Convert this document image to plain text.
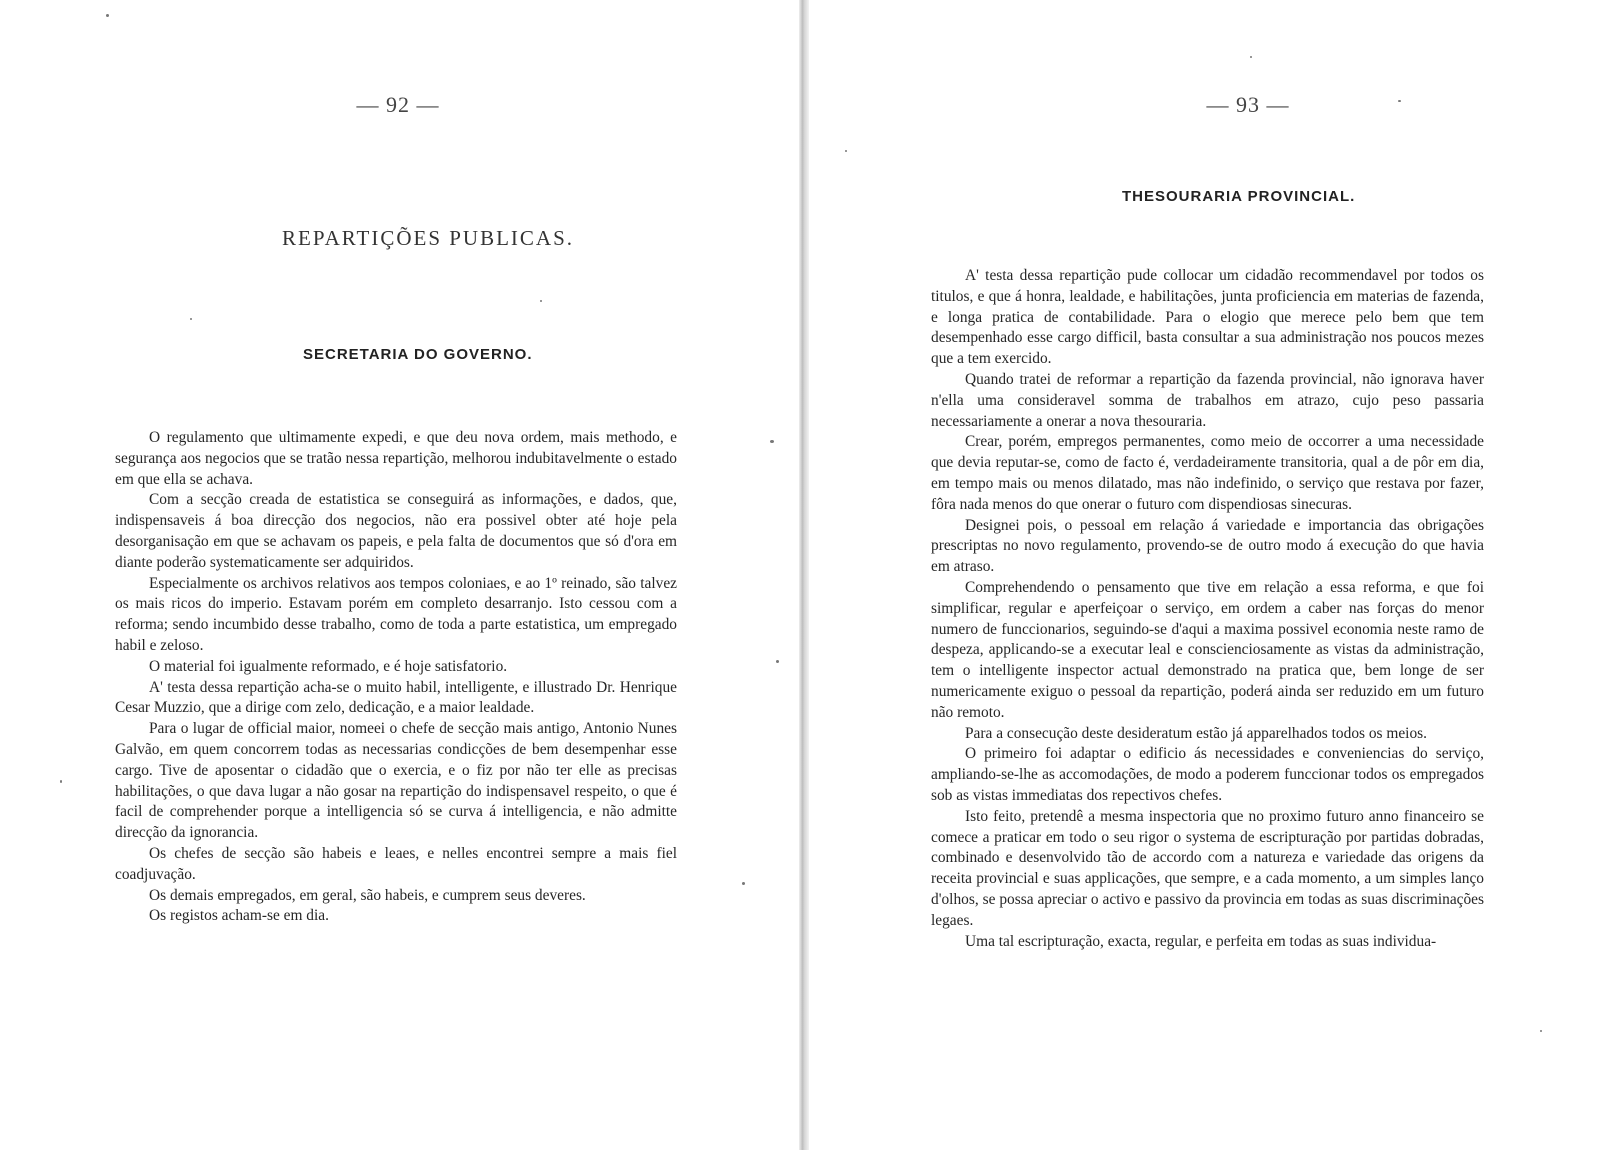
— 92 —
REPARTIÇÕES PUBLICAS.
SECRETARIA DO GOVERNO.

O regulamento que ultimamente expedi, e que deu nova ordem, mais methodo, e segurança aos negocios que se tratão nessa repartição, melhorou indubitavelmente o estado em que ella se achava.

Com a secção creada de estatistica se conseguirá as informações, e dados, que, indispensaveis á boa direcção dos negocios, não era possivel obter até hoje pela desorganisação em que se achavam os papeis, e pela falta de documentos que só d'ora em diante poderão systematicamente ser adquiridos.

Especialmente os archivos relativos aos tempos coloniaes, e ao 1º reinado, são talvez os mais ricos do imperio. Estavam porém em completo desarranjo. Isto cessou com a reforma; sendo incumbido desse trabalho, como de toda a parte estatistica, um empregado habil e zeloso.

O material foi igualmente reformado, e é hoje satisfatorio.

A' testa dessa repartição acha-se o muito habil, intelligente, e illustrado Dr. Henrique Cesar Muzzio, que a dirige com zelo, dedicação, e a maior lealdade.

Para o lugar de official maior, nomeei o chefe de secção mais antigo, Antonio Nunes Galvão, em quem concorrem todas as necessarias condicções de bem desempenhar esse cargo. Tive de aposentar o cidadão que o exercia, e o fiz por não ter elle as precisas habilitações, o que dava lugar a não gosar na repartição do indispensavel respeito, o que é facil de comprehender porque a intelligencia só se curva á intelligencia, e não admitte direcção da ignorancia.

Os chefes de secção são habeis e leaes, e nelles encontrei sempre a mais fiel coadjuvação.

Os demais empregados, em geral, são habeis, e cumprem seus deveres.

Os registos acham-se em dia.

— 93 —
THESOURARIA PROVINCIAL.

A' testa dessa repartição pude collocar um cidadão recommendavel por todos os titulos, e que á honra, lealdade, e habilitações, junta proficiencia em materias de fazenda, e longa pratica de contabilidade. Para o elogio que merece pelo bem que tem desempenhado esse cargo difficil, basta consultar a sua administração nos poucos mezes que a tem exercido.

Quando tratei de reformar a repartição da fazenda provincial, não ignorava haver n'ella uma consideravel somma de trabalhos em atrazo, cujo peso passaria necessariamente a onerar a nova thesouraria.

Crear, porém, empregos permanentes, como meio de occorrer a uma necessidade que devia reputar-se, como de facto é, verdadeiramente transitoria, qual a de pôr em dia, em tempo mais ou menos dilatado, mas não indefinido, o serviço que restava por fazer, fôra nada menos do que onerar o futuro com dispendiosas sinecuras.

Designei pois, o pessoal em relação á variedade e importancia das obrigações prescriptas no novo regulamento, provendo-se de outro modo á execução do que havia em atraso.

Comprehendendo o pensamento que tive em relação a essa reforma, e que foi simplificar, regular e aperfeiçoar o serviço, em ordem a caber nas forças do menor numero de funccionarios, seguindo-se d'aqui a maxima possivel economia neste ramo de despeza, applicando-se a executar leal e conscienciosamente as vistas da administração, tem o intelligente inspector actual demonstrado na pratica que, bem longe de ser numericamente exiguo o pessoal da repartição, poderá ainda ser reduzido em um futuro não remoto.

Para a consecução deste desideratum estão já apparelhados todos os meios.

O primeiro foi adaptar o edificio ás necessidades e conveniencias do serviço, ampliando-se-lhe as accomodações, de modo a poderem funccionar todos os empregados sob as vistas immediatas dos repectivos chefes.

Isto feito, pretendê a mesma inspectoria que no proximo futuro anno financeiro se comece a praticar em todo o seu rigor o systema de escripturação por partidas dobradas, combinado e desenvolvido tão de accordo com a natureza e variedade das origens da receita provincial e suas applicações, que sempre, e a cada momento, a um simples lanço d'olhos, se possa apreciar o activo e passivo da provincia em todas as suas discriminações legaes.

Uma tal escripturação, exacta, regular, e perfeita em todas as suas individua-
